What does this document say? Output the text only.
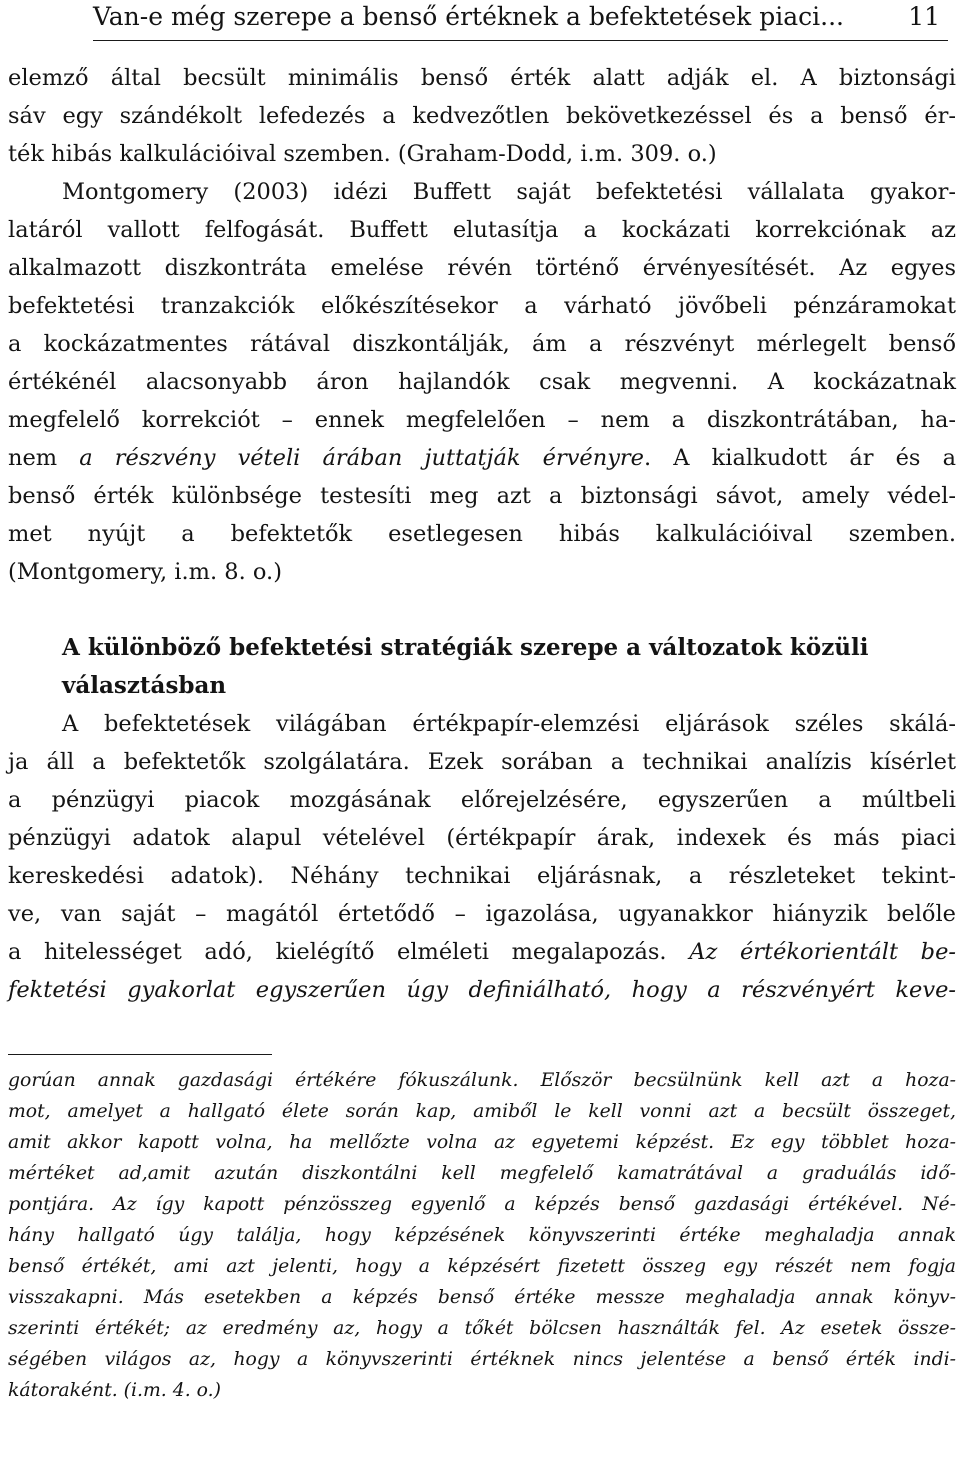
Van-e még szerepe a benső értéknek a befektetések piaci...	11
elemző által becsült minimális benső érték alatt adják el. A biztonsági
sáv egy szándékolt lefedezés a kedvezőtlen bekövetkezéssel és a benső ér-
ték hibás kalkulációival szemben. (Graham-Dodd, i.m. 309. o.)
Montgomery (2003) idézi Buffett saját befektetési vállalata gyakor-
latáról vallott felfogását. Buffett elutasítja a kockázati korrekciónak az
alkalmazott diszkontráta emelése révén történő érvényesítését. Az egyes
befektetési tranzakciók előkészítésekor a várható jövőbeli pénzáramokat
a kockázatmentes rátával diszkontálják, ám a részvényt mérlegelt benső
értékénél alacsonyabb áron hajlandók csak megvenni. A kockázatnak
megfelelő korrekciót – ennek megfelelően – nem a diszkontrátában, ha-
nem a részvény vételi árában juttatják érvényre. A kialkudott ár és a
benső érték különbsége testesíti meg azt a biztonsági sávot, amely védel-
met nyújt a befektetők esetlegesen hibás kalkulációival szemben.
(Montgomery, i.m. 8. o.)
A különböző befektetési stratégiák szerepe a változatok közüli
választásban
A befektetések világában értékpapír-elemzési eljárások széles skálá-
ja áll a befektetők szolgálatára. Ezek sorában a technikai analízis kísérlet
a pénzügyi piacok mozgásának előrejelzésére, egyszerűen a múltbeli
pénzügyi adatok alapul vételével (értékpapír árak, indexek és más piaci
kereskedési adatok). Néhány technikai eljárásnak, a részleteket tekint-
ve, van saját – magától értetődő – igazolása, ugyanakkor hiányzik belőle
a hitelességet adó, kielégítő elméleti megalapozás. Az értékorientált be-
fektetési gyakorlat egyszerűen úgy definiálható, hogy a részvényért keve-
gorúan annak gazdasági értékére fókuszálunk. Először becsülnünk kell azt a hoza-
mot, amelyet a hallgató élete során kap, amiből le kell vonni azt a becsült összeget,
amit akkor kapott volna, ha mellőzte volna az egyetemi képzést. Ez egy többlet hoza-
mértéket ad,amit azután diszkontálni kell megfelelő kamatrátával a graduálás idő-
pontjára. Az így kapott pénzösszeg egyenlő a képzés benső gazdasági értékével. Né-
hány hallgató úgy találja, hogy képzésének könyvszerinti értéke meghaladja annak
benső értékét, ami azt jelenti, hogy a képzésért fizetett összeg egy részét nem fogja
visszakapni. Más esetekben a képzés benső értéke messze meghaladja annak könyv-
szerinti értékét; az eredmény az, hogy a tőkét bölcsen használták fel. Az esetek össze-
ségében világos az, hogy a könyvszerinti értéknek nincs jelentése a benső érték indi-
kátoraként. (i.m. 4. o.)
